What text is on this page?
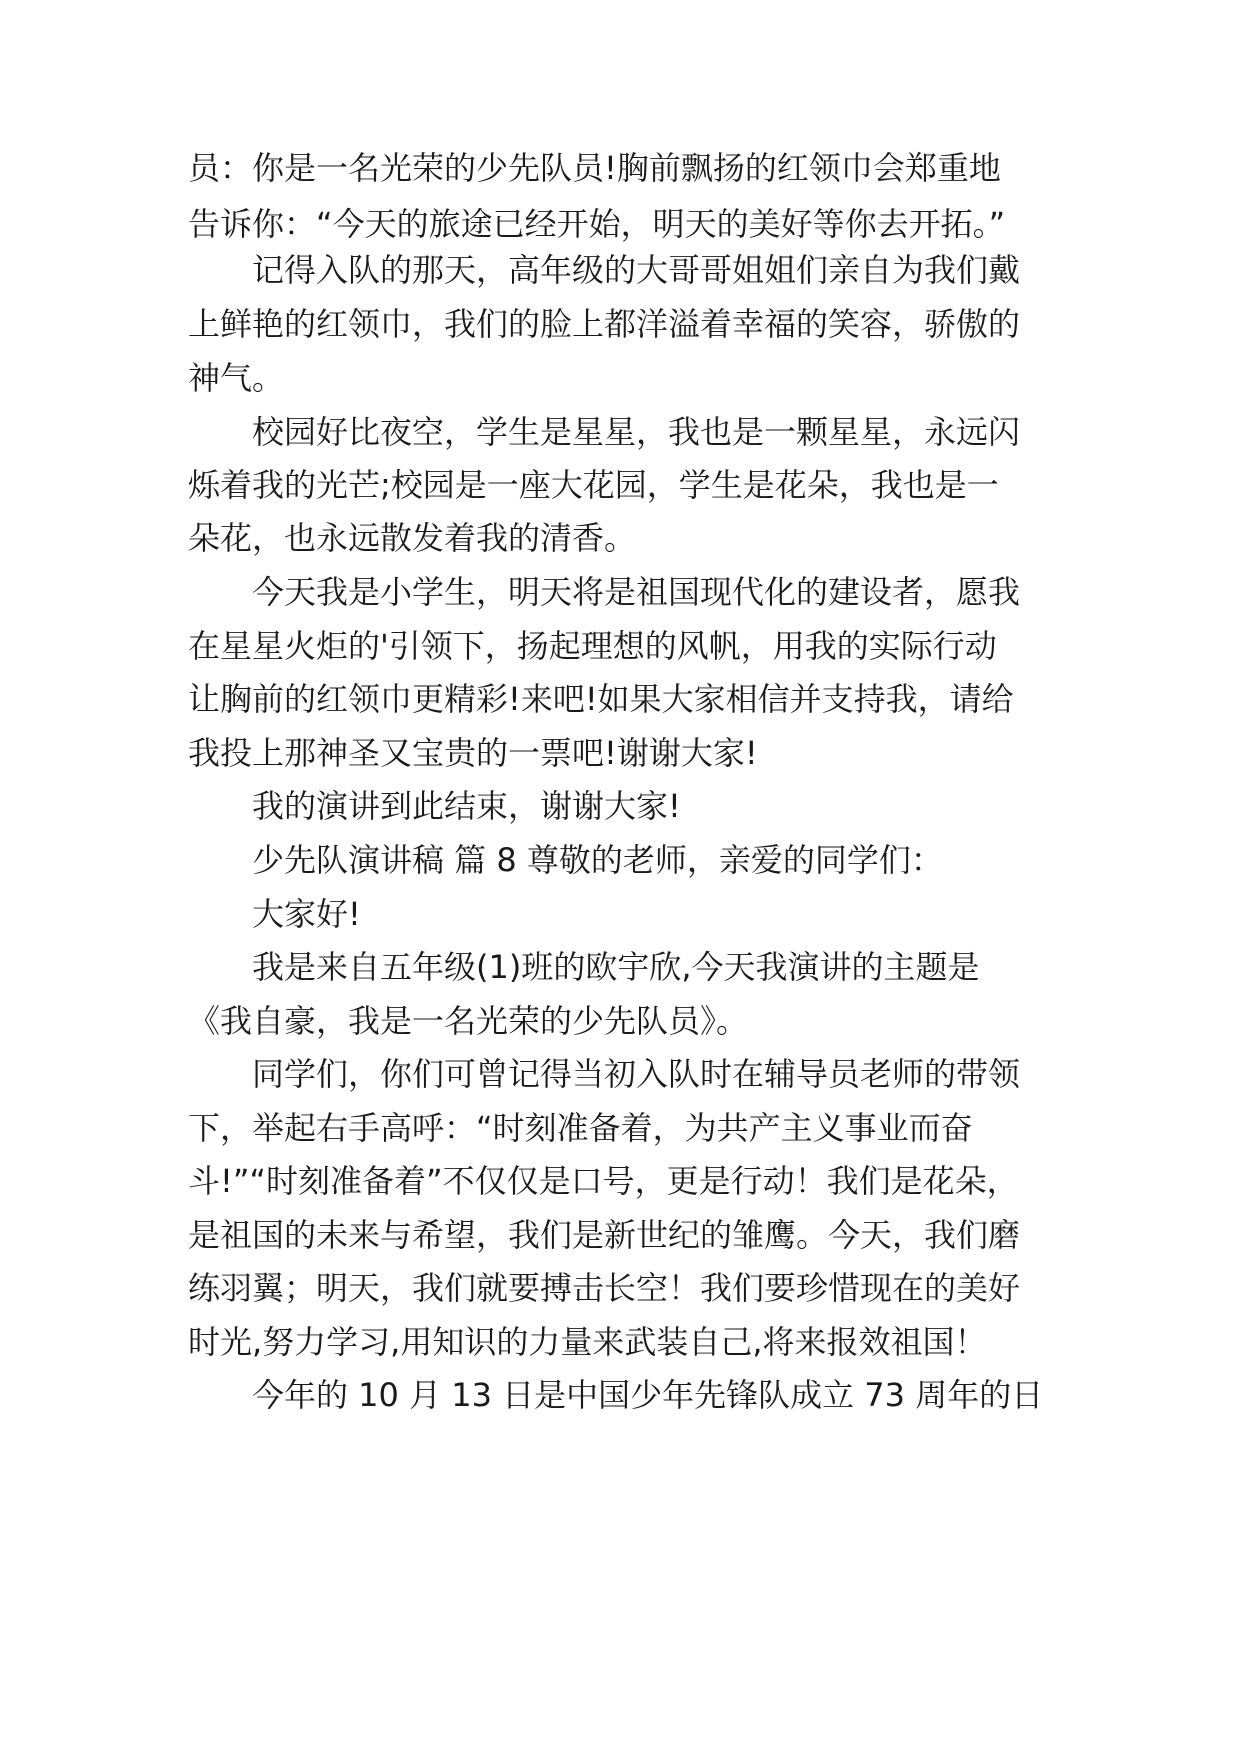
员：你是一名光荣的少先队员!胸前飘扬的红领巾会郑重地
告诉你：“今天的旅途已经开始，明天的美好等你去开拓。”
记得入队的那天，高年级的大哥哥姐姐们亲自为我们戴
上鲜艳的红领巾，我们的脸上都洋溢着幸福的笑容，骄傲的
神气。
校园好比夜空，学生是星星，我也是一颗星星，永远闪
烁着我的光芒;校园是一座大花园，学生是花朵，我也是一
朵花，也永远散发着我的清香。
今天我是小学生，明天将是祖国现代化的建设者，愿我
在星星火炬的'引领下，扬起理想的风帆，用我的实际行动
让胸前的红领巾更精彩!来吧!如果大家相信并支持我，请给
我投上那神圣又宝贵的一票吧!谢谢大家!
我的演讲到此结束，谢谢大家!
少先队演讲稿 篇 8 尊敬的老师，亲爱的同学们：
大家好!
我是来自五年级(1)班的欧宇欣,今天我演讲的主题是
《我自豪，我是一名光荣的少先队员》。
同学们，你们可曾记得当初入队时在辅导员老师的带领
下，举起右手高呼：“时刻准备着，为共产主义事业而奋
斗!”“时刻准备着”不仅仅是口号，更是行动！我们是花朵，
是祖国的未来与希望，我们是新世纪的雏鹰。今天，我们磨
练羽翼；明天，我们就要搏击长空！我们要珍惜现在的美好
时光,努力学习,用知识的力量来武装自己,将来报效祖国！
今年的 10 月 13 日是中国少年先锋队成立 73 周年的日
